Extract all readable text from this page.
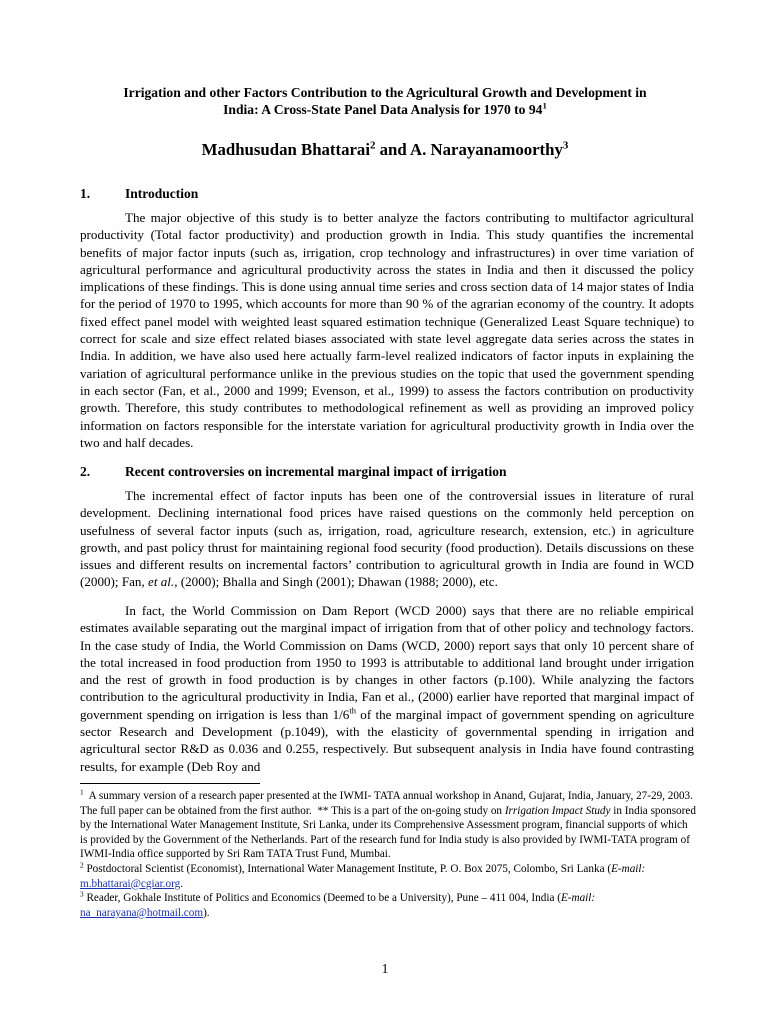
Irrigation and other Factors Contribution to the Agricultural Growth and Development in
India: A Cross-State Panel Data Analysis for 1970 to $94^1$
Madhusudan Bhattarai$^2$ and A. Narayanamoorthy$^3$
1.	Introduction

The major objective of this study is to better analyze the factors contributing to multifactor agricultural productivity (Total factor productivity) and production growth in India. This study quantifies the incremental benefits of major factor inputs (such as, irrigation, crop technology and infrastructures) in over time variation of agricultural performance and agricultural productivity across the states in India and then it discussed the policy implications of these findings. This is done using annual time series and cross section data of 14 major states of India for the period of 1970 to 1995, which accounts for more than 90 % of the agrarian economy of the country. It adopts fixed effect panel model with weighted least squared estimation technique (Generalized Least Square technique) to correct for scale and size effect related biases associated with state level aggregate data series across the states in India. In addition, we have also used here actually farm-level realized indicators of factor inputs in explaining the variation of agricultural performance unlike in the previous studies on the topic that used the government spending in each sector (Fan, et al., 2000 and 1999; Evenson, et al., 1999) to assess the factors contribution on productivity growth. Therefore, this study contributes to methodological refinement as well as providing an improved policy information on factors responsible for the interstate variation for agricultural productivity growth in India over the two and half decades.

2.	Recent controversies on incremental marginal impact of irrigation

The incremental effect of factor inputs has been one of the controversial issues in literature of rural development. Declining international food prices have raised questions on the commonly held perception on usefulness of several factor inputs (such as, irrigation, road, agriculture research, extension, etc.) in agriculture growth, and past policy thrust for maintaining regional food security (food production). Details discussions on these issues and different results on incremental factors’ contribution to agricultural growth in India are found in WCD (2000); Fan, et al., (2000); Bhalla and Singh (2001); Dhawan (1988; 2000), etc.

In fact, the World Commission on Dam Report (WCD 2000) says that there are no reliable empirical estimates available separating out the marginal impact of irrigation from that of other policy and technology factors. In the case study of India, the World Commission on Dams (WCD, 2000) report says that only 10 percent share of the total increased in food production from 1950 to 1993 is attributable to additional land brought under irrigation and the rest of growth in food production is by changes in other factors (p.100). While analyzing the factors contribution to the agricultural productivity in India, Fan et al., (2000) earlier have reported that marginal impact of government spending on irrigation is less than 1/6th of the marginal impact of government spending on agriculture sector Research and Development (p.1049), with the elasticity of governmental spending in irrigation and agricultural sector R&D as 0.036 and 0.255, respectively. But subsequent analysis in India have found contrasting results, for example (Deb Roy and

$^1$  A summary version of a research paper presented at the IWMI- TATA annual workshop in Anand, Gujarat, India, January, 27-29, 2003. The full paper can be obtained from the first author.  ** This is a part of the on-going study on Irrigation Impact Study in India sponsored by the International Water Management Institute, Sri Lanka, under its Comprehensive Assessment program, financial supports of which is provided by the Government of the Netherlands. Part of the research fund for India study is also provided by IWMI-TATA program of IWMI-India office supported by Sri Ram TATA Trust Fund, Mumbai.

$^2$ Postdoctoral Scientist (Economist), International Water Management Institute, P. O. Box 2075, Colombo, Sri Lanka (E-mail: m.bhattarai@cgiar.org.

$^3$ Reader, Gokhale Institute of Politics and Economics (Deemed to be a University), Pune – 411 004, India (E-mail: na_narayana@hotmail.com).

1
